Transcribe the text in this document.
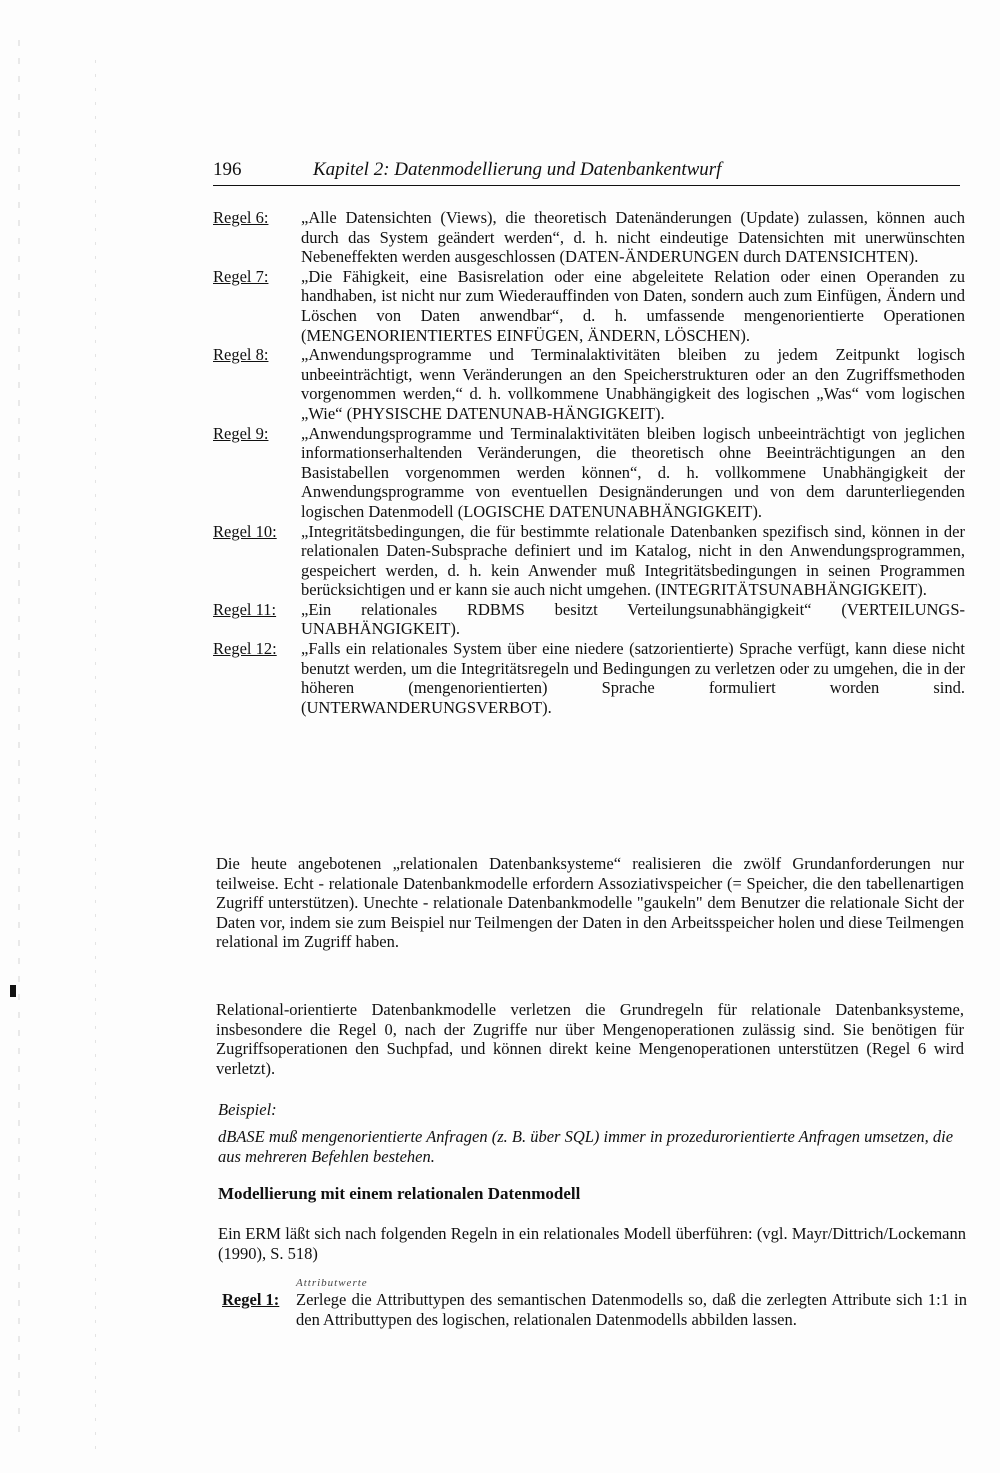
196	Kapitel 2: Datenmodellierung und Datenbankentwurf
Regel 6:	„Alle Datensichten (Views), die theoretisch Datenänderungen (Update) zulassen, können auch durch das System geändert werden“, d. h. nicht eindeutige Datensichten mit unerwünschten Nebeneffekten werden ausgeschlossen (DATEN-ÄNDERUNGEN durch DATENSICHTEN).
Regel 7:	„Die Fähigkeit, eine Basisrelation oder eine abgeleitete Relation oder einen Operanden zu handhaben, ist nicht nur zum Wiederauffinden von Daten, sondern auch zum Einfügen, Ändern und Löschen von Daten anwendbar“, d. h. umfassende mengenorientierte Operationen (MENGENORIENTIERTES EINFÜGEN, ÄNDERN, LÖSCHEN).
Regel 8:	„Anwendungsprogramme und Terminalaktivitäten bleiben zu jedem Zeitpunkt logisch unbeeinträchtigt, wenn Veränderungen an den Speicherstrukturen oder an den Zugriffsmethoden vorgenommen werden,“ d. h. vollkommene Unabhängigkeit des logischen „Was“ vom logischen „Wie“ (PHYSISCHE DATENUNAB-HÄNGIGKEIT).
Regel 9:	„Anwendungsprogramme und Terminalaktivitäten bleiben logisch unbeeinträchtigt von jeglichen informationserhaltenden Veränderungen, die theoretisch ohne Beeinträchtigungen an den Basistabellen vorgenommen werden können“, d. h. vollkommene Unabhängigkeit der Anwendungsprogramme von eventuellen Designänderungen und von dem darunterliegenden logischen Datenmodell (LOGISCHE DATENUNABHÄNGIGKEIT).
Regel 10:	„Integritätsbedingungen, die für bestimmte relationale Datenbanken spezifisch sind, können in der relationalen Daten-Subsprache definiert und im Katalog, nicht in den Anwendungsprogrammen, gespeichert werden, d. h. kein Anwender muß Integritätsbedingungen in seinen Programmen berücksichtigen und er kann sie auch nicht umgehen. (INTEGRITÄTSUNABHÄNGIGKEIT).
Regel 11:	„Ein relationales RDBMS besitzt Verteilungsunabhängigkeit“ (VERTEILUNGS-UNABHÄNGIGKEIT).
Regel 12:	„Falls ein relationales System über eine niedere (satzorientierte) Sprache verfügt, kann diese nicht benutzt werden, um die Integritätsregeln und Bedingungen zu verletzen oder zu umgehen, die in der höheren (mengenorientierten) Sprache formuliert worden sind. (UNTERWANDERUNGSVERBOT).

Die heute angebotenen „relationalen Datenbanksysteme“ realisieren die zwölf Grundanforderungen nur teilweise. Echt - relationale Datenbankmodelle erfordern Assoziativspeicher (= Speicher, die den tabellenartigen Zugriff unterstützen). Unechte - relationale Datenbankmodelle "gaukeln" dem Benutzer die relationale Sicht der Daten vor, indem sie zum Beispiel nur Teilmengen der Daten in den Arbeitsspeicher holen und diese Teilmengen relational im Zugriff haben.

Relational-orientierte Datenbankmodelle verletzen die Grundregeln für relationale Datenbanksysteme, insbesondere die Regel 0, nach der Zugriffe nur über Mengenoperationen zulässig sind. Sie benötigen für Zugriffsoperationen den Suchpfad, und können direkt keine Mengenoperationen unterstützen (Regel 6 wird verletzt).

Beispiel:
dBASE muß mengenorientierte Anfragen (z. B. über SQL) immer in prozedurorientierte Anfragen umsetzen, die aus mehreren Befehlen bestehen.
Modellierung mit einem relationalen Datenmodell

Ein ERM läßt sich nach folgenden Regeln in ein relationales Modell überführen: (vgl. Mayr/Dittrich/Lockemann (1990), S. 518)

Attributwerte
Regel 1:	Zerlege die Attributtypen des semantischen Datenmodells so, daß die zerlegten Attribute sich 1:1 in den Attributtypen des logischen, relationalen Datenmodells abbilden lassen.
